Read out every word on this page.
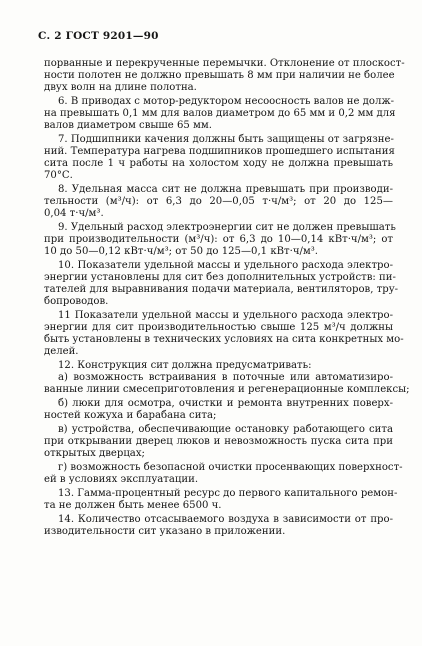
С. 2 ГОСТ 9201—90
порванные и перекрученные перемычки. Отклонение от плоскост-
ности полотен не должно превышать 8 мм при наличии не более
двух волн на длине полотна.
6. В приводах с мотор-редуктором несоосность валов не долж-
на превышать 0,1 мм для валов диаметром до 65 мм и 0,2 мм для
валов диаметром свыше 65 мм.
7. Подшипники качения должны быть защищены от загрязне-
ний. Температура нагрева подшипников прошедшего испытания
сита после 1 ч работы на холостом ходу не должна превышать
70°С.
8. Удельная масса сит не должна превышать при производи-
тельности (м³/ч): от 6,3 до 20—0,05 т·ч/м³; от 20 до 125—
0,04 т·ч/м³.
9. Удельный расход электроэнергии сит не должен превышать
при производительности (м³/ч): от 6,3 до 10—0,14 кВт·ч/м³; от
10 до 50—0,12 кВт·ч/м³; от 50 до 125—0,1 кВт·ч/м³.
10. Показатели удельной массы и удельного расхода электро-
энергии установлены для сит без дополнительных устройств: пи-
тателей для выравнивания подачи материала, вентиляторов, тру-
бопроводов.
11 Показатели удельной массы и удельного расхода электро-
энергии для сит производительностью свыше 125 м³/ч должны
быть установлены в технических условиях на сита конкретных мо-
делей.
12. Конструкция сит должна предусматривать:
а) возможность встраивания в поточные или автоматизиро-
ванные линии смесеприготовления и регенерационные комплексы;
б) люки для осмотра, очистки и ремонта внутренних поверх-
ностей кожуха и барабана сита;
в) устройства, обеспечивающие остановку работающего сита
при открывании дверец люков и невозможность пуска сита при
открытых дверцах;
г) возможность безопасной очистки просенвающих поверхност-
ей в условиях эксплуатации.
13. Гамма-процентный ресурс до первого капитального ремон-
та не должен быть менее 6500 ч.
14. Количество отсасываемого воздуха в зависимости от про-
изводительности сит указано в приложении.
